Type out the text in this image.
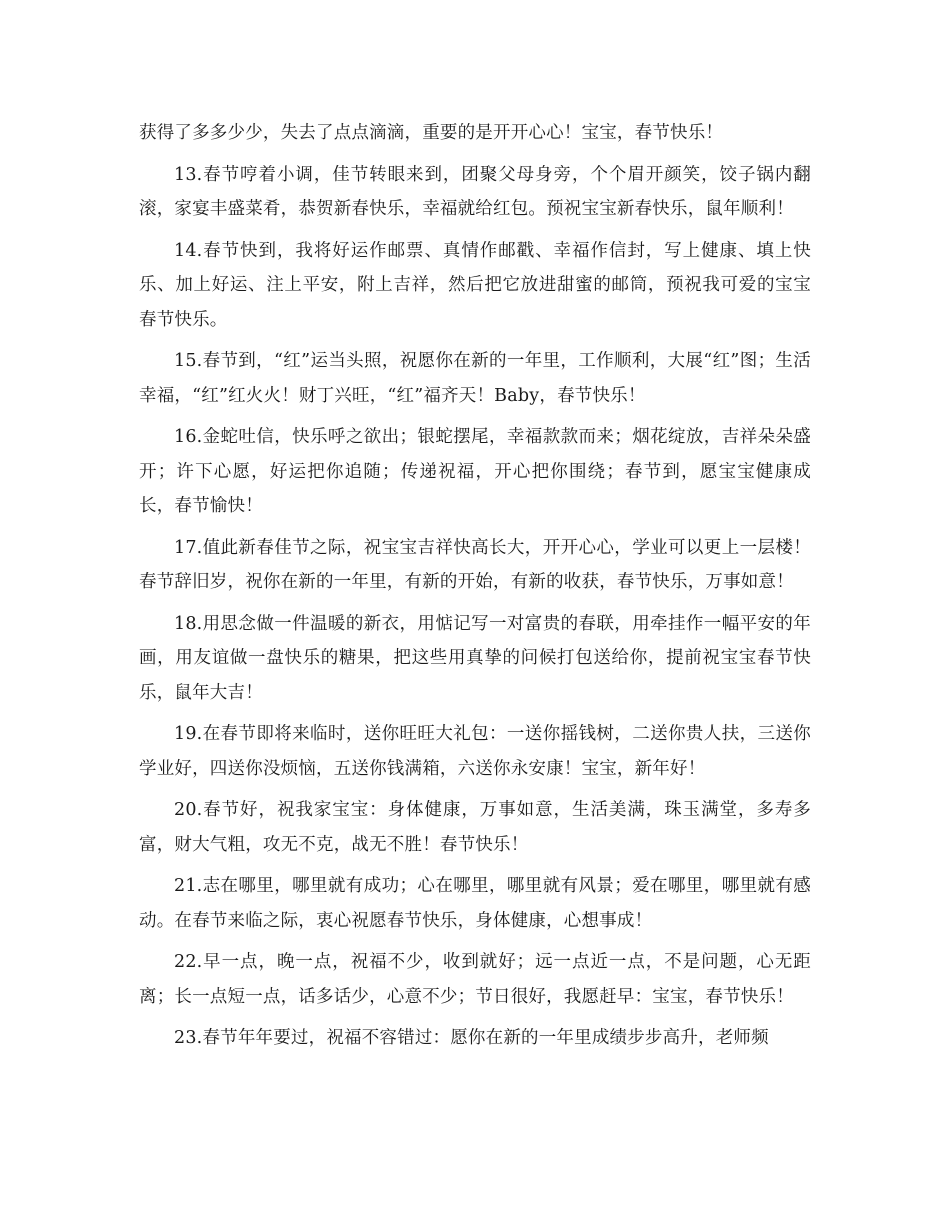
获得了多多少少，失去了点点滴滴，重要的是开开心心！宝宝，春节快乐！

13.春节哼着小调，佳节转眼来到，团聚父母身旁，个个眉开颜笑，饺子锅内翻滚，家宴丰盛菜肴，恭贺新春快乐，幸福就给红包。预祝宝宝新春快乐，鼠年顺利！

14.春节快到，我将好运作邮票、真情作邮戳、幸福作信封，写上健康、填上快乐、加上好运、注上平安，附上吉祥，然后把它放进甜蜜的邮筒，预祝我可爱的宝宝春节快乐。

15.春节到，“红”运当头照，祝愿你在新的一年里，工作顺利，大展“红”图；生活幸福，“红”红火火！财丁兴旺，“红”福齐天！Baby，春节快乐！

16.金蛇吐信，快乐呼之欲出；银蛇摆尾，幸福款款而来；烟花绽放，吉祥朵朵盛开；许下心愿，好运把你追随；传递祝福，开心把你围绕；春节到，愿宝宝健康成长，春节愉快！

17.值此新春佳节之际，祝宝宝吉祥快高长大，开开心心，学业可以更上一层楼！春节辞旧岁，祝你在新的一年里，有新的开始，有新的收获，春节快乐，万事如意！

18.用思念做一件温暖的新衣，用惦记写一对富贵的春联，用牵挂作一幅平安的年画，用友谊做一盘快乐的糖果，把这些用真挚的问候打包送给你，提前祝宝宝春节快乐，鼠年大吉！

19.在春节即将来临时，送你旺旺大礼包：一送你摇钱树，二送你贵人扶，三送你学业好，四送你没烦恼，五送你钱满箱，六送你永安康！宝宝，新年好！

20.春节好，祝我家宝宝：身体健康，万事如意，生活美满，珠玉满堂，多寿多富，财大气粗，攻无不克，战无不胜！春节快乐！

21.志在哪里，哪里就有成功；心在哪里，哪里就有风景；爱在哪里，哪里就有感动。在春节来临之际，衷心祝愿春节快乐，身体健康，心想事成！

22.早一点，晚一点，祝福不少，收到就好；远一点近一点，不是问题，心无距离；长一点短一点，话多话少，心意不少；节日很好，我愿赶早：宝宝，春节快乐！

23.春节年年要过，祝福不容错过：愿你在新的一年里成绩步步高升，老师频
